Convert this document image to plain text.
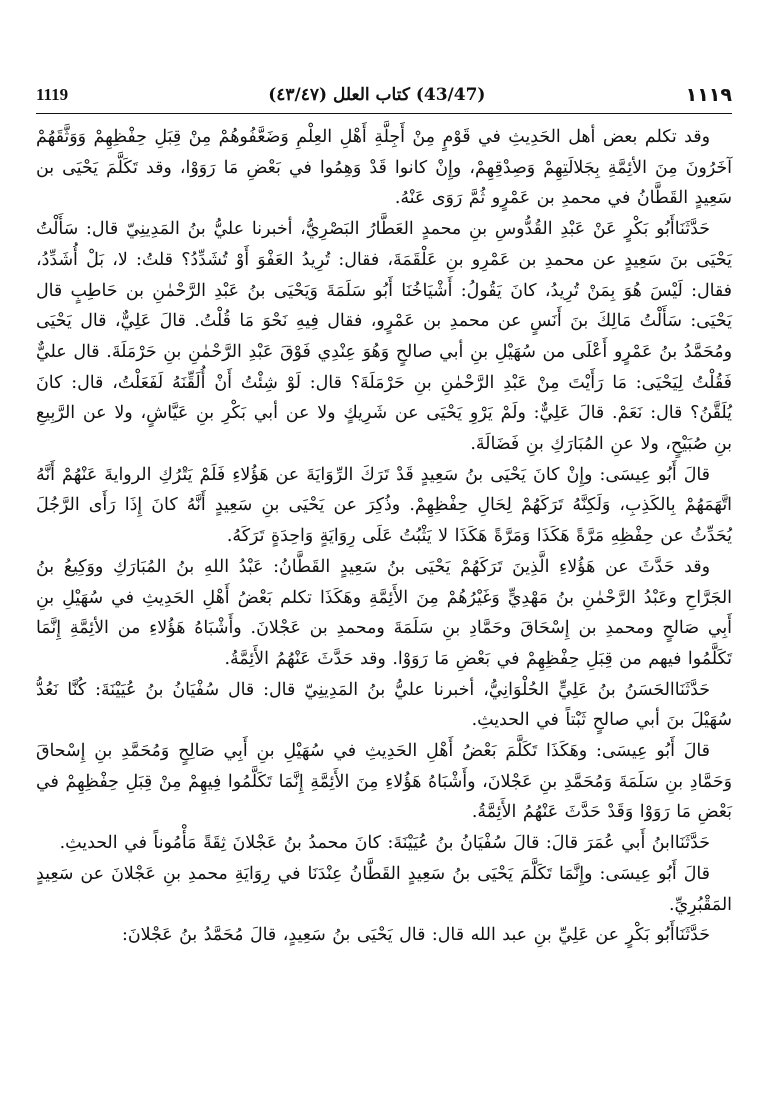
1119	(43/47) كتاب العلل (٤٣/٤٧)	١١١٩

وقد تكلم بعض أهل الحَدِيثِ في قَوْمٍ مِنْ أَجِلَّةِ أَهْلِ العِلْمِ وَضَعَّفُوهُمْ مِنْ قِبَلِ حِفْظِهِمْ وَوَثَّقَهُمْ آخَرُونَ مِنَ الأئِمَّةِ بِجَلالَتِهِمْ وَصِدْقِهِمْ، وإِنْ كانوا قَدْ وَهِمُوا في بَعْضِ مَا رَوَوْا، وقد تَكَلَّمَ يَحْيَى بن سَعِيدٍ القَطَّانُ في محمدِ بن عَمْرٍو ثُمَّ رَوَى عَنْهُ.

حَدَّثَنَاأَبُو بَكْرٍ عَنْ عَبْدِ القُدُّوسِ بنِ محمدٍ العَطَّارُ البَصْرِيُّ، أخبرنا عليُّ بنُ المَدِينِيّ قال: سَأَلْتُ يَحْيَى بنَ سَعِيدٍ عن محمدِ بن عَمْرِو بنِ عَلْقَمَةَ، فقال: تُرِيدُ العَفْوَ أَوْ تُشَدِّدُ؟ قلتُ: لا، بَلْ أُشَدِّدُ، فقال: لَيْسَ هُوَ بِمَنْ تُرِيدُ، كانَ يَقُولُ: أَشْيَاخُنَا أَبُو سَلَمَةَ وَيَحْيَى بنُ عَبْدِ الرَّحْمٰنِ بن حَاطِبٍ قال يَحْيَى: سَأَلْتُ مَالِكَ بنَ أَنَسٍ عن محمدِ بن عَمْرٍو، فقال فِيهِ نَحْوَ مَا قُلْتُ. قالَ عَلِيٌّ، قال يَحْيَى ومُحَمَّدُ بنُ عَمْرٍو أَعْلَى من سُهَيْلِ بنِ أبي صالحٍ وَهُوَ عِنْدِي فَوْقَ عَبْدِ الرَّحْمٰنِ بنِ حَرْمَلَةَ. قال عليٌّ فَقُلْتُ لِيَحْيَى: مَا رَأَيْتَ مِنْ عَبْدِ الرَّحْمٰنِ بنِ حَرْمَلَةَ؟ قال: لَوْ شِئْتُ أَنْ أُلَقِّنَهُ لَفَعَلْتُ، قال: كانَ يُلَقَّنُ؟ قال: نَعَمْ. قالَ عَلِيٌّ: ولَمْ يَرْوِ يَحْيَى عن شَرِيكٍ ولا عن أبي بَكْرِ بنِ عَيَّاشٍ، ولا عن الرَّبِيعِ بنِ صُبَيْحٍ، ولا عنِ المُبَارَكِ بنِ فَضَالَةَ.

قالَ أَبُو عِيسَى: وإِنْ كانَ يَحْيَى بنُ سَعِيدٍ قَدْ تَرَكَ الرِّوَايَةَ عن هَؤُلاءِ فَلَمْ يَتْرُكِ الروايةَ عَنْهُمْ أَنَّهُ اتَّهَمَهُمْ بِالكَذِبِ، وَلَكِنَّهُ تَرَكَهُمْ لِحَالِ حِفْظِهِمْ. وذُكِرَ عن يَحْيَى بنِ سَعِيدٍ أَنَّهُ كانَ إِذَا رَأَى الرَّجُلَ يُحَدِّثُ عن حِفْظِهِ مَرَّةً هَكَذَا وَمَرَّةً هَكَذَا لا يَثْبُتُ عَلَى رِوَايَةٍ وَاحِدَةٍ تَرَكَهُ.

وقد حَدَّثَ عن هَؤُلاءِ الَّذِينَ تَرَكَهُمْ يَحْيَى بنُ سَعِيدٍ القَطَّانُ: عَبْدُ اللهِ بنُ المُبَارَكِ ووَكِيعُ بنُ الجَرَّاحِ وعَبْدُ الرَّحْمٰنِ بنُ مَهْدِيٍّ وَغَيْرُهُمْ مِنَ الأَئِمَّةِ وهَكَذَا تكلم بَعْضُ أَهْلِ الحَدِيثِ في سُهَيْلِ بنِ أَبِي صَالحٍ ومحمدِ بن إِسْحَاقَ وحَمَّادِ بنِ سَلَمَةَ ومحمدِ بن عَجْلانَ. وأَشْبَاهُ هَؤُلاءِ من الأئِمَّةِ إِنَّمَا تَكَلَّمُوا فيهم من قِبَلِ حِفْظِهِمْ في بَعْضِ مَا رَوَوْا. وقد حَدَّثَ عَنْهُمُ الأَئِمَّةُ.

حَدَّثَنَاالحَسَنُ بنُ عَلِيٍّ الحُلْوَانِيُّ، أخبرنا عليُّ بنُ المَدِينِيّ قال: قال سُفْيَانُ بنُ عُيَيْنَةَ: كُنَّا نَعُدُّ سُهَيْلَ بنَ أبي صالحٍ ثَبْتاً في الحديثِ.

قالَ أَبُو عِيسَى: وهَكَذَا تَكَلَّمَ بَعْضُ أَهْلِ الحَدِيثِ في سُهَيْلِ بنِ أَبِي صَالِحٍ وَمُحَمَّدِ بنِ إِسْحاقَ وَحَمَّادِ بنِ سَلَمَةَ وَمُحَمَّدِ بنِ عَجْلانَ، وأَشْبَاهُ هَؤُلاءِ مِنَ الأَئِمَّةِ إِنَّمَا تَكَلَّمُوا فِيهِمْ مِنْ قِبَلِ حِفْظِهِمْ في بَعْضِ مَا رَوَوْا وَقَدْ حَدَّثَ عَنْهُمُ الأَئِمَّةُ.

حَدَّثَنَاابنُ أَبي عُمَرَ قالَ: قالَ سُفْيَانُ بنُ عُيَيْنَةَ: كانَ محمدُ بنُ عَجْلانَ ثِقَةً مَأْمُوناً في الحديثِ.

قالَ أَبُو عِيسَى: وإِنَّمَا تَكَلَّمَ يَحْيَى بنُ سَعِيدٍ القَطَّانُ عِنْدَنَا في رِوَايَةِ محمدِ بنِ عَجْلانَ عن سَعِيدٍ المَقْبُرِيِّ.

حَدَّثَنَاأَبُو بَكْرٍ عن عَلِيِّ بنِ عبد الله قال: قال يَحْيَى بنُ سَعِيدٍ، قالَ مُحَمَّدُ بنُ عَجْلانَ:
